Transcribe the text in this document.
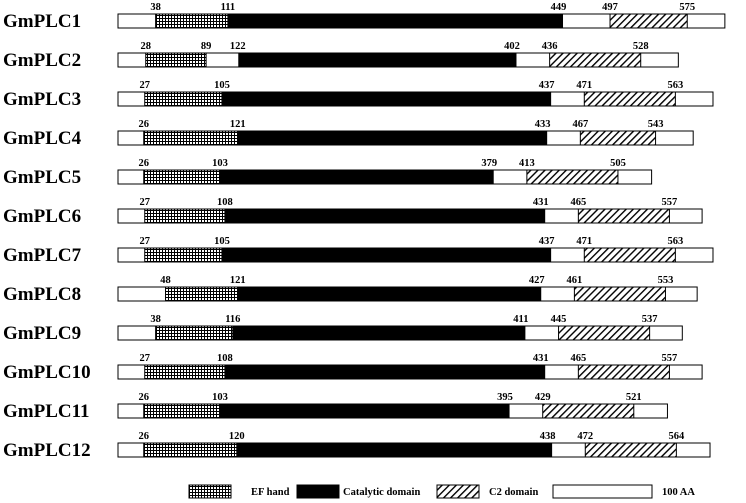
GmPLC1
38	111	449	497	575
GmPLC2
28	89 122	402 436	528
GmPLC3
27	105	437 471	563
GmPLC4
26	121	433 467	543
GmPLC5
26	103	379 413	505
GmPLC6
27	108	431 465	557
GmPLC7
27	105	437 471	563
GmPLC8
48	121	427 461	553
GmPLC9
38	116	411 445	537
GmPLC10
27	108	431 465	557
GmPLC11
26	103	395 429	521
GmPLC12
26	120	438 472	564
EF hand	Catalytic domain	C2 domain	100 AA
